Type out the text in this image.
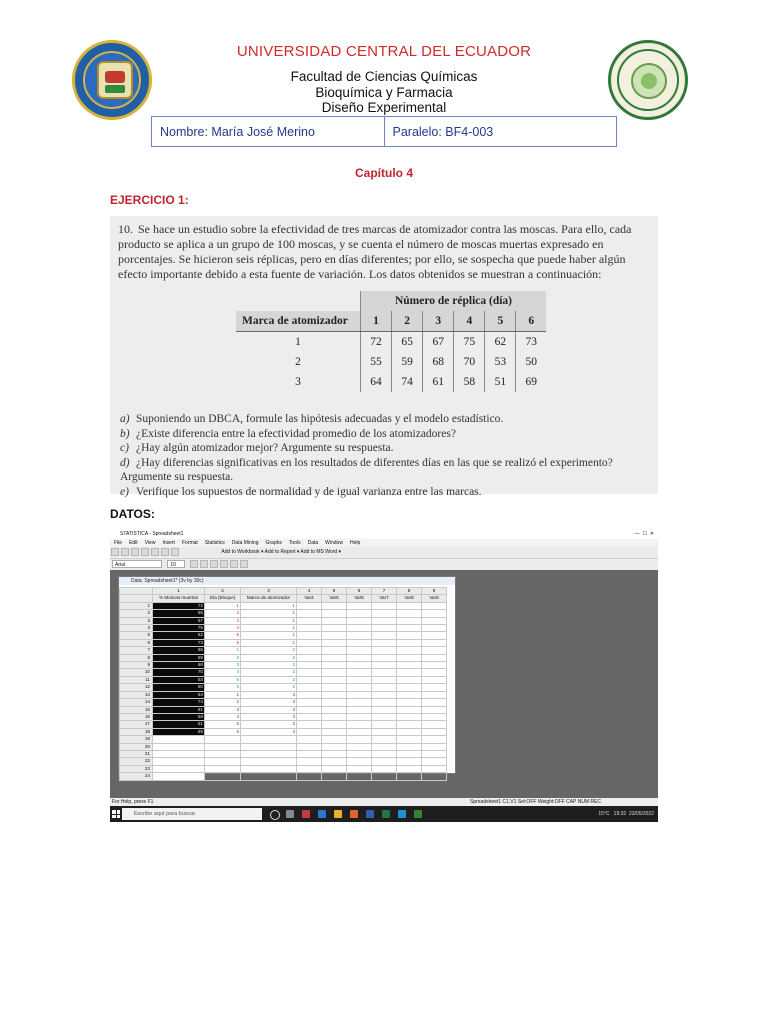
UNIVERSIDAD CENTRAL DEL ECUADOR
Facultad de Ciencias Químicas
Bioquímica y Farmacia
Diseño Experimental
Nombre: María José Merino	Paralelo: BF4-003
Capítulo 4
EJERCICIO 1:
10. Se hace un estudio sobre la efectividad de tres marcas de atomizador contra las moscas. Para ello, cada producto se aplica a un grupo de 100 moscas, y se cuenta el número de moscas muertas expresado en porcentajes. Se hicieron seis réplicas, pero en días diferentes; por ello, se sospecha que puede haber algún efecto importante debido a esta fuente de variación. Los datos obtenidos se muestran a continuación:
	Número de réplica (día)					
Marca de atomizador	1	2	3	4	5	6
1	72	65	67	75	62	73
2	55	59	68	70	53	50
3	64	74	61	58	51	69

a) Suponiendo un DBCA, formule las hipótesis adecuadas y el modelo estadístico.

b) ¿Existe diferencia entre la efectividad promedio de los atomizadores?

c) ¿Hay algún atomizador mejor? Argumente su respuesta.

d) ¿Hay diferencias significativas en los resultados de diferentes días en las que se realizó el experimento? Argumente su respuesta.

e) Verifique los supuestos de normalidad y de igual varianza entre las marcas.

DATOS:
STATISTICA - Spreadsheet1	—  ☐  ✕
File Edit View Insert Format Statistics Data Mining Graphs Tools Data Window Help
Add to Workbook ▾ Add to Report ▾ Add to MS Word ▾
Arial	10
Data: Spreadsheet1* (3v by 30c)
	1	2	3	4	5	6	7	8	9
	% Moscas muertas	Día (Bloque)	Marca de atomizador	Var4	Var5	Var6	Var7	Var8	Var9
1	72	1	1						
2	65	2	1						
3	67	3	1						
4	75	4	1						
5	62	5	1						
6	73	6	1						
7	55	1	2						
8	59	2	2						
9	68	3	2						
10	70	4	2						
11	53	5	2						
12	50	6	2						
13	64	1	3						
14	74	2	3						
15	61	3	3						
16	58	4	3						
17	51	5	3						
18	69	6	3						
19									
20									
21									
22									
23									
24									
For Help, press F1	Spreadsheet1 C1,V1 Sel:OFF Weight:OFF CAP NUM REC
Escribe aquí para buscar	15°C 19:32 23/05/2022
